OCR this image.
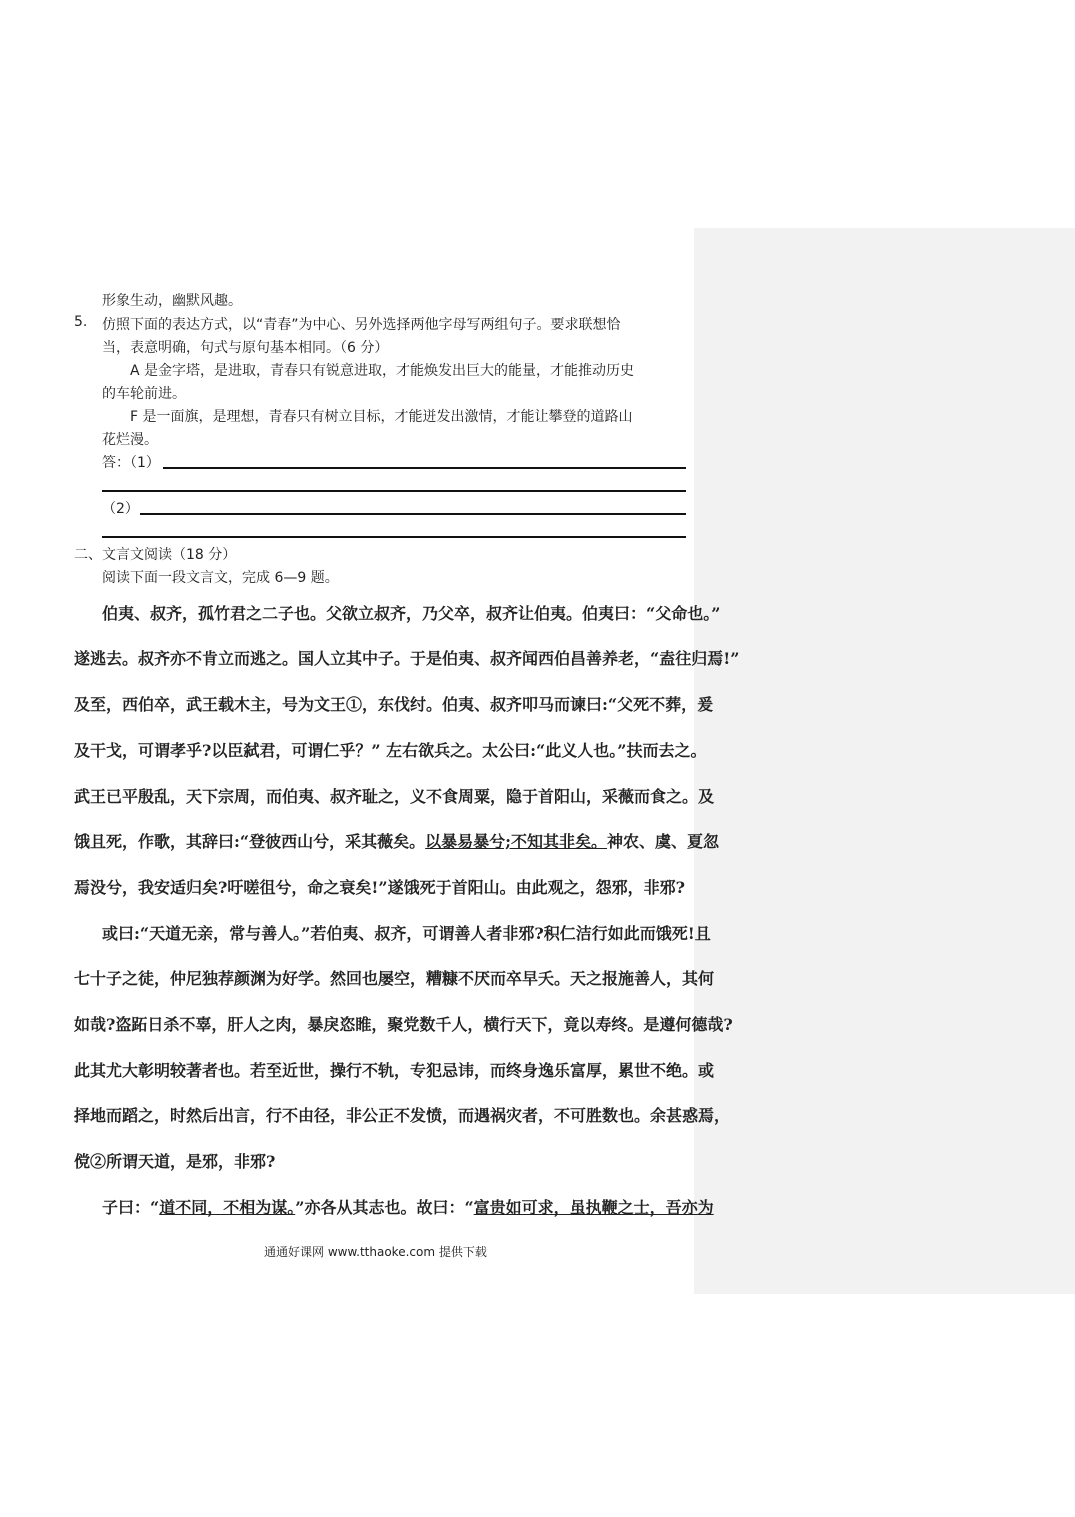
形象生动，幽默风趣。
5. 仿照下面的表达方式，以“青春”为中心、另外选择两他字母写两组句子。要求联想恰
当，表意明确，句式与原句基本相同。（6 分）
A 是金字塔，是进取，青春只有锐意进取，才能焕发出巨大的能量，才能推动历史
的车轮前进。
F 是一面旗，是理想，青春只有树立目标，才能迸发出激情，才能让攀登的道路山
花烂漫。
答：（1）
（2）
二、文言文阅读（18 分）
阅读下面一段文言文，完成 6—9 题。
伯夷、叔齐，孤竹君之二子也。父欲立叔齐，乃父卒，叔齐让伯夷。伯夷曰：“父命也。”
遂逃去。叔齐亦不肯立而逃之。国人立其中子。于是伯夷、叔齐闻西伯昌善养老，“盍往归焉!”
及至，西伯卒，武王载木主，号为文王①，东伐纣。伯夷、叔齐叩马而谏曰:“父死不葬，爰
及干戈，可谓孝乎?以臣弑君，可谓仁乎？” 左右欲兵之。太公曰:“此义人也。”扶而去之。
武王已平殷乱，天下宗周，而伯夷、叔齐耻之，义不食周粟，隐于首阳山，采薇而食之。及
饿且死，作歌，其辞曰:“登彼西山兮，采其薇矣。以暴易暴兮;不知其非矣。神农、虞、夏忽
焉没兮，我安适归矣?吁嗟徂兮，命之衰矣!”遂饿死于首阳山。由此观之，怨邪，非邪?
或曰:“天道无亲，常与善人。”若伯夷、叔齐，可谓善人者非邪?积仁洁行如此而饿死!且
七十子之徒，仲尼独荐颜渊为好学。然回也屡空，糟糠不厌而卒早夭。天之报施善人，其何
如哉?盗跖日杀不辜，肝人之肉，暴戾恣睢，聚党数千人，横行天下，竟以寿终。是遵何德哉?
此其尤大彰明较著者也。若至近世，操行不轨，专犯忌讳，而终身逸乐富厚，累世不绝。或
择地而蹈之，时然后出言，行不由径，非公正不发愤，而遇祸灾者，不可胜数也。余甚惑焉，
傥②所谓天道，是邪，非邪?
子曰：“道不同，不相为谋。”亦各从其志也。故曰：“富贵如可求，虽执鞭之士，吾亦为
通通好课网 www.tthaoke.com 提供下载
